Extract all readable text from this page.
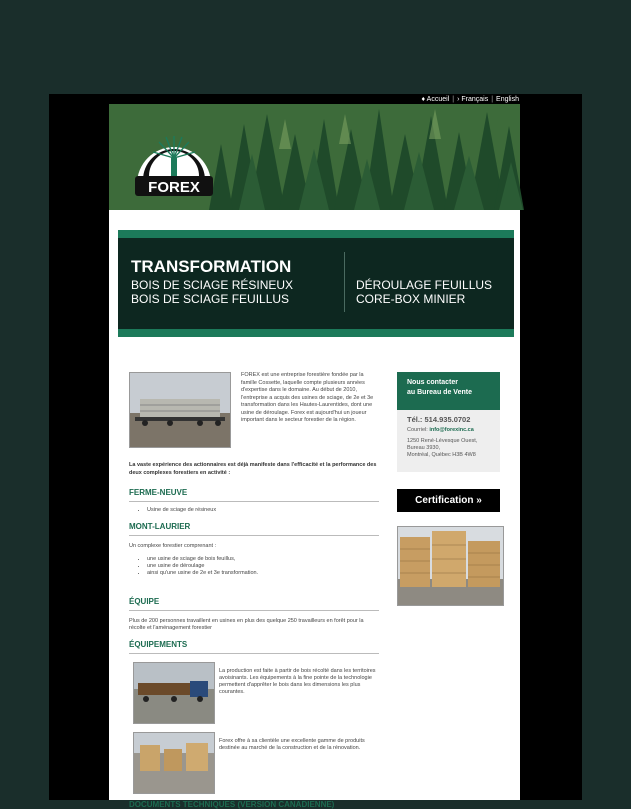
♦ Accueil | › Français | English
FOREX
TRANSFORMATION
BOIS DE SCIAGE RÉSINEUX
BOIS DE SCIAGE FEUILLUS
DÉROULAGE FEUILLUS
CORE-BOX MINIER
FOREX est une entreprise forestière fondée par la famille Cossette, laquelle compte plusieurs années d'expertise dans le domaine. Au début de 2010, l'entreprise a acquis des usines de sciage, de 2e et 3e transformation dans les Hautes-Laurentides, dont une usine de déroulage. Forex est aujourd'hui un joueur important dans le secteur forestier de la région.
La vaste expérience des actionnaires est déjà manifeste dans l'efficacité et la performance des deux complexes forestiers en activité :
FERME-NEUVE
• Usine de sciage de résineux
MONT-LAURIER
Un complexe forestier comprenant :
• une usine de sciage de bois feuillus,
• une usine de déroulage
• ainsi qu'une usine de 2e et 3e transformation.
ÉQUIPE
Plus de 200 personnes travaillent en usines en plus des quelque 250 travailleurs en forêt pour la récolte et l'aménagement forestier
ÉQUIPEMENTS
La production est faite à partir de bois récolté dans les territoires avoisinants. Les équipements à la fine pointe de la technologie permettent d'apprêter le bois dans les dimensions les plus courantes.
Forex offre à sa clientèle une excellente gamme de produits destinée au marché de la construction et de la rénovation.
DOCUMENTS TECHNIQUES (VERSION CANADIENNE)
Nous contacter
au Bureau de Vente
Tél.: 514.935.0702
Courriel: info@forexinc.ca
1250 René-Lévesque Ouest,
Bureau 3930,
Montréal, Québec H3B 4W8
Certification »
